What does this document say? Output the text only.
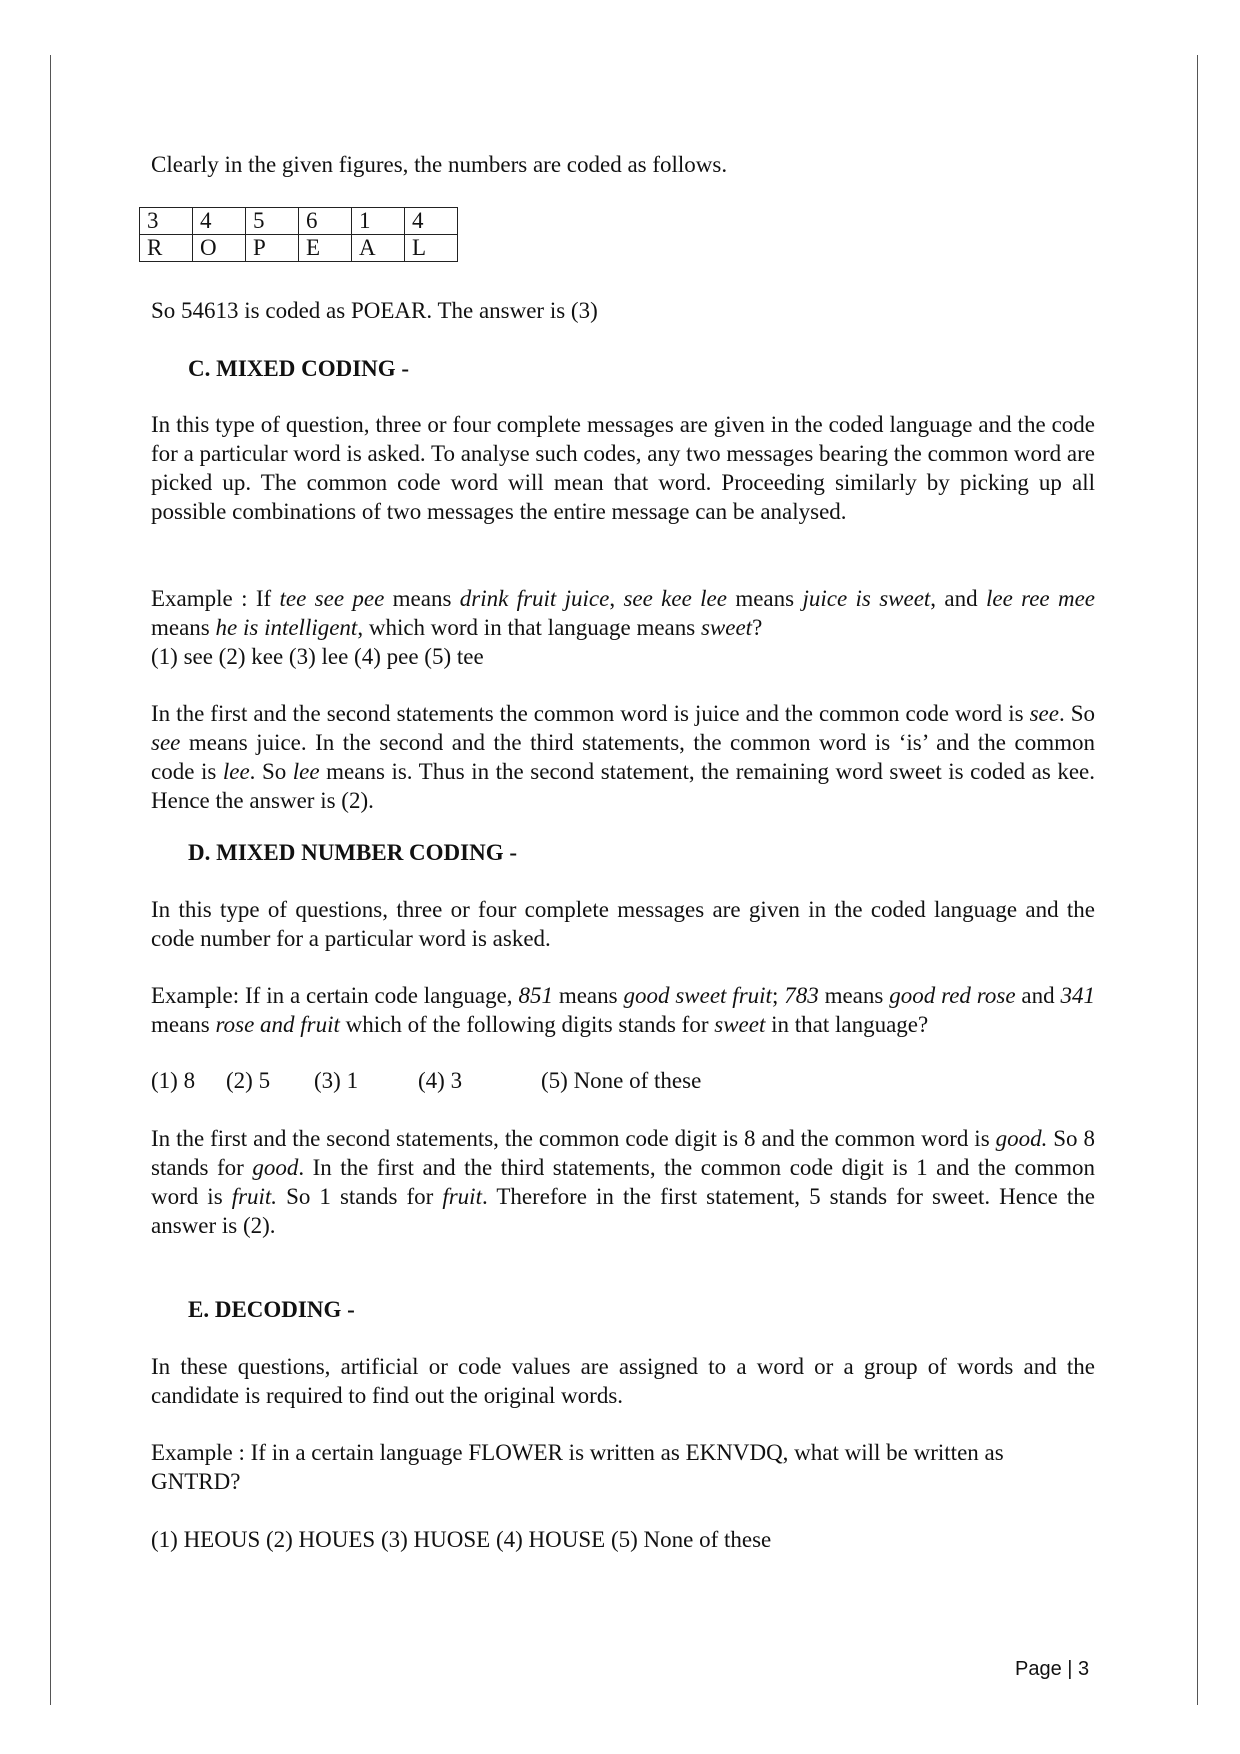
Clearly in the given figures, the numbers are coded as follows.

3	4	5	6	1	4
R	O	P	E	A	L

So 54613 is coded as POEAR. The answer is (3)

C. MIXED CODING -

In this type of question, three or four complete messages are given in the coded language and the code for a particular word is asked. To analyse such codes, any two messages bearing the common word are picked up. The common code word will mean that word. Proceeding similarly by picking up all possible combinations of two messages the entire message can be analysed.

Example : If tee see pee means drink fruit juice, see kee lee means juice is sweet, and lee ree mee means he is intelligent, which word in that language means sweet?

(1) see (2) kee (3) lee (4) pee (5) tee

In the first and the second statements the common word is juice and the common code word is see. So see means juice. In the second and the third statements, the common word is ‘is’ and the common code is lee. So lee means is. Thus in the second statement, the remaining word sweet is coded as kee. Hence the answer is (2).

D. MIXED NUMBER CODING -

In this type of questions, three or four complete messages are given in the coded language and the code number for a particular word is asked.

Example: If in a certain code language, 851 means good sweet fruit; 783 means good red rose and 341 means rose and fruit which of the following digits stands for sweet in that language?

(1) 8 (2) 5 (3) 1	(4) 3	(5) None of these

In the first and the second statements, the common code digit is 8 and the common word is good. So 8 stands for good. In the first and the third statements, the common code digit is 1 and the common word is fruit. So 1 stands for fruit. Therefore in the first statement, 5 stands for sweet. Hence the answer is (2).

E. DECODING -

In these questions, artificial or code values are assigned to a word or a group of words and the candidate is required to find out the original words.

Example : If in a certain language FLOWER is written as EKNVDQ, what will be written as GNTRD?

(1) HEOUS (2) HOUES (3) HUOSE (4) HOUSE (5) None of these

Page | 3
